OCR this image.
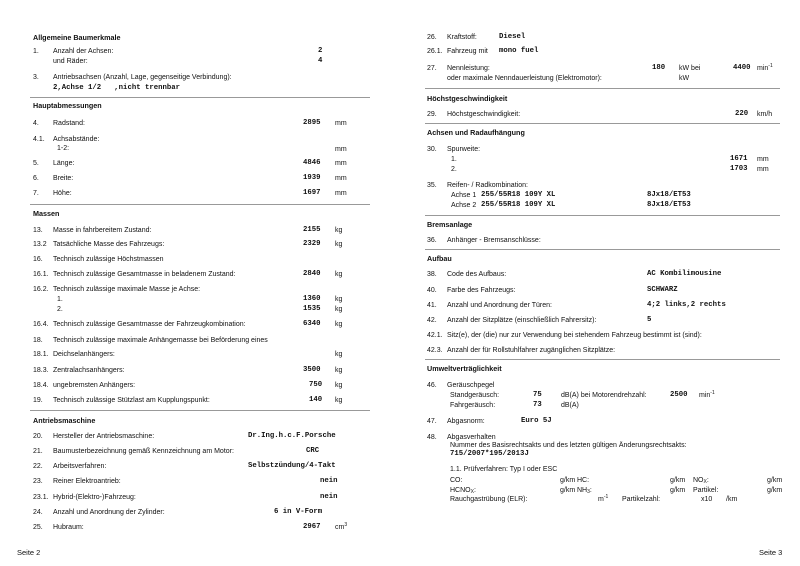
Allgemeine Baumerkmale
1. Anzahl der Achsen:	2
und Räder:	4
3. Antriebsachsen (Anzahl, Lage, gegenseitige Verbindung):
2,Achse 1/2   ,nicht trennbar
Hauptabmessungen
4. Radstand:	2895 mm
4.1. Achsabstände:
1-2:	mm
5. Länge:	4846 mm
6. Breite:	1939 mm
7. Höhe:	1697 mm
Massen
13. Masse in fahrbereitem Zustand:	2155 kg
13.2 Tatsächliche Masse des Fahrzeugs:	2329 kg
16. Technisch zulässige Höchstmassen
16.1. Technisch zulässige Gesamtmasse in beladenem Zustand:	2840 kg
16.2. Technisch zulässige maximale Masse je Achse:
1.	1360 kg
2.	1535 kg
16.4. Technisch zulässige Gesamtmasse der Fahrzeugkombination:	6340 kg
18. Technisch zulässige maximale Anhängemasse bei Beförderung eines
18.1. Deichselanhängers:	kg
18.3. Zentralachsanhängers:	3500 kg
18.4. ungebremsten Anhängers:	750 kg
19. Technisch zulässige Stützlast am Kupplungspunkt:	140 kg
Antriebsmaschine
20. Hersteller der Antriebsmaschine:	Dr.Ing.h.c.F.Porsche
21. Baumusterbezeichnung gemäß Kennzeichnung am Motor:	CRC
22. Arbeitsverfahren:	Selbstzündung/4-Takt
23. Reiner Elektroantrieb:	nein
23.1. Hybrid-(Elektro-)Fahrzeug:	nein
24. Anzahl und Anordnung der Zylinder:	6 in V-Form
25. Hubraum:	2967 $cm^3$
Seite 2
26. Kraftstoff:	Diesel
26.1. Fahrzeug mit mono fuel
27. Nennleistung:	180 kW bei	4400 $\min^{-1}$
oder maximale Nenndauerleistung (Elektromotor):	kW
Höchstgeschwindigkeit
29. Höchstgeschwindigkeit:	220 km/h
Achsen und Radaufhängung
30. Spurweite:
1.	1671 mm
2.	1703 mm
35. Reifen- / Radkombination:
Achse 1 255/55R18 109Y XL	8Jx18/ET53
Achse 2 255/55R18 109Y XL	8Jx18/ET53
Bremsanlage
36. Anhänger - Bremsanschlüsse:
Aufbau
38. Code des Aufbaus:	AC Kombilimousine
40. Farbe des Fahrzeugs:	SCHWARZ
41. Anzahl und Anordnung der Türen:	4;2 links,2 rechts
42. Anzahl der Sitzplätze (einschließlich Fahrersitz):	5
42.1. Sitz(e), der (die) nur zur Verwendung bei stehendem Fahrzeug bestimmt ist (sind):
42.3. Anzahl der für Rollstuhlfahrer zugänglichen Sitzplätze:
Umweltverträglichkeit
46. Geräuschpegel
Standgeräusch:	75	dB(A) bei Motorendrehzahl:	2500 $\min^{-1}$
Fahrgeräusch:	73	dB(A)
47. Abgasnorm:	Euro 5J
48. Abgasverhalten
Nummer des Basisrechtsakts und des letzten gültigen Änderungsrechtsakts:
715/2007*195/2013J
1.1. Prüfverfahren: Typ I oder ESC
CO:	g/km HC:	g/km $NO_X$:	g/km
$HCNO_X$:	g/km $NH_3$:	g/km Partikel:	g/km
Rauchgastrübung (ELR):	$m^{-1}$ Partikelzahl:	x10 /km
Seite 3
